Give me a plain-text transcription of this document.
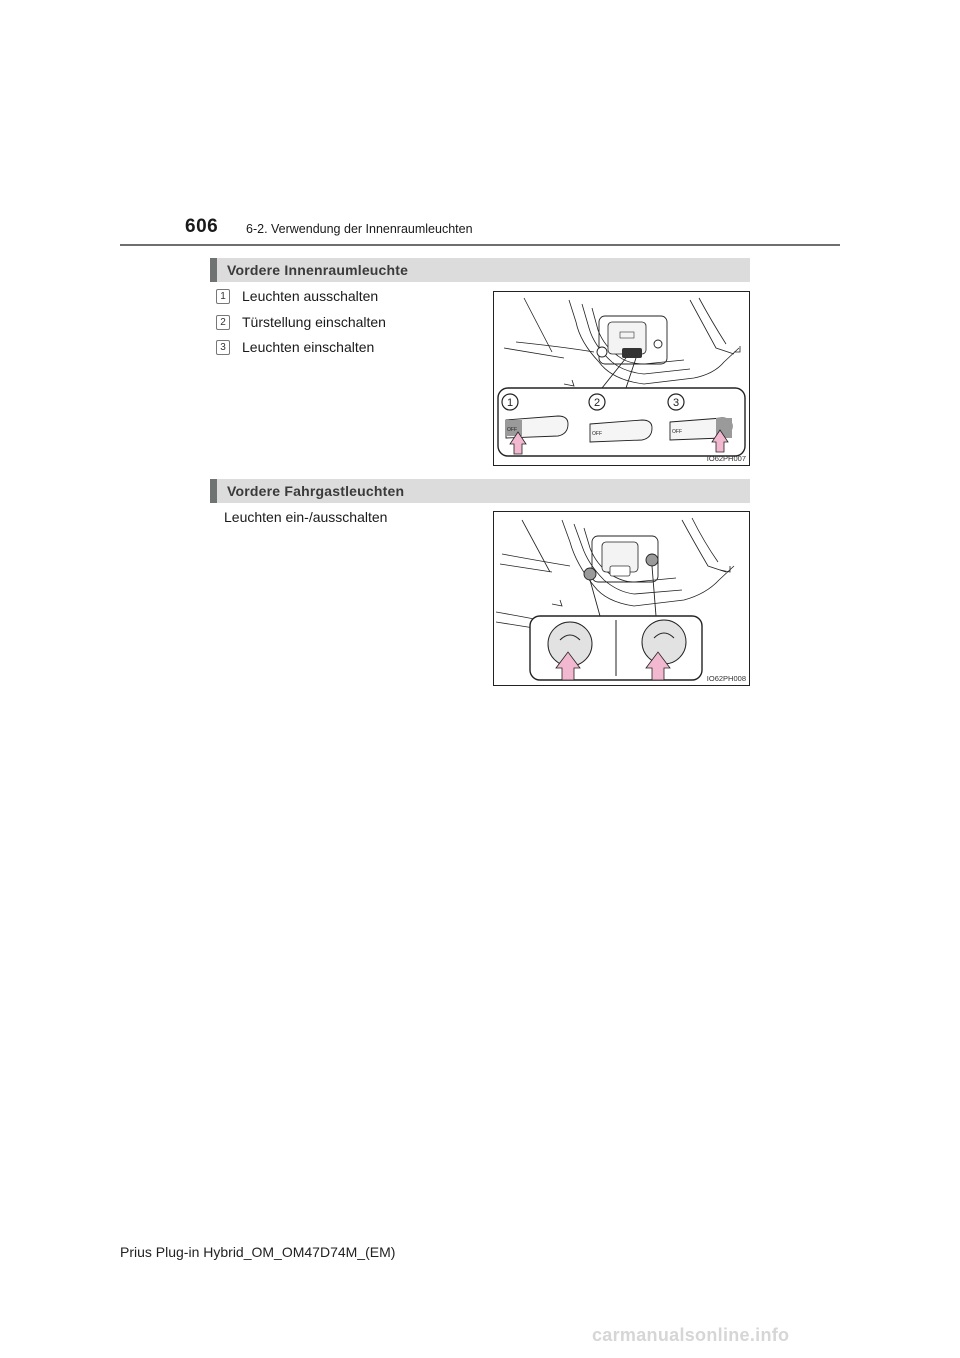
606 6-2. Verwendung der Innenraumleuchten
Vordere Innenraumleuchte
1	Leuchten ausschalten
2	Türstellung einschalten
3	Leuchten einschalten
OFF
OFF	OFF
1	2	3
IO62PH007
Vordere Fahrgastleuchten
Leuchten ein-/ausschalten
IO62PH008
Prius Plug-in Hybrid_OM_OM47D74M_(EM)
carmanualsonline.info
